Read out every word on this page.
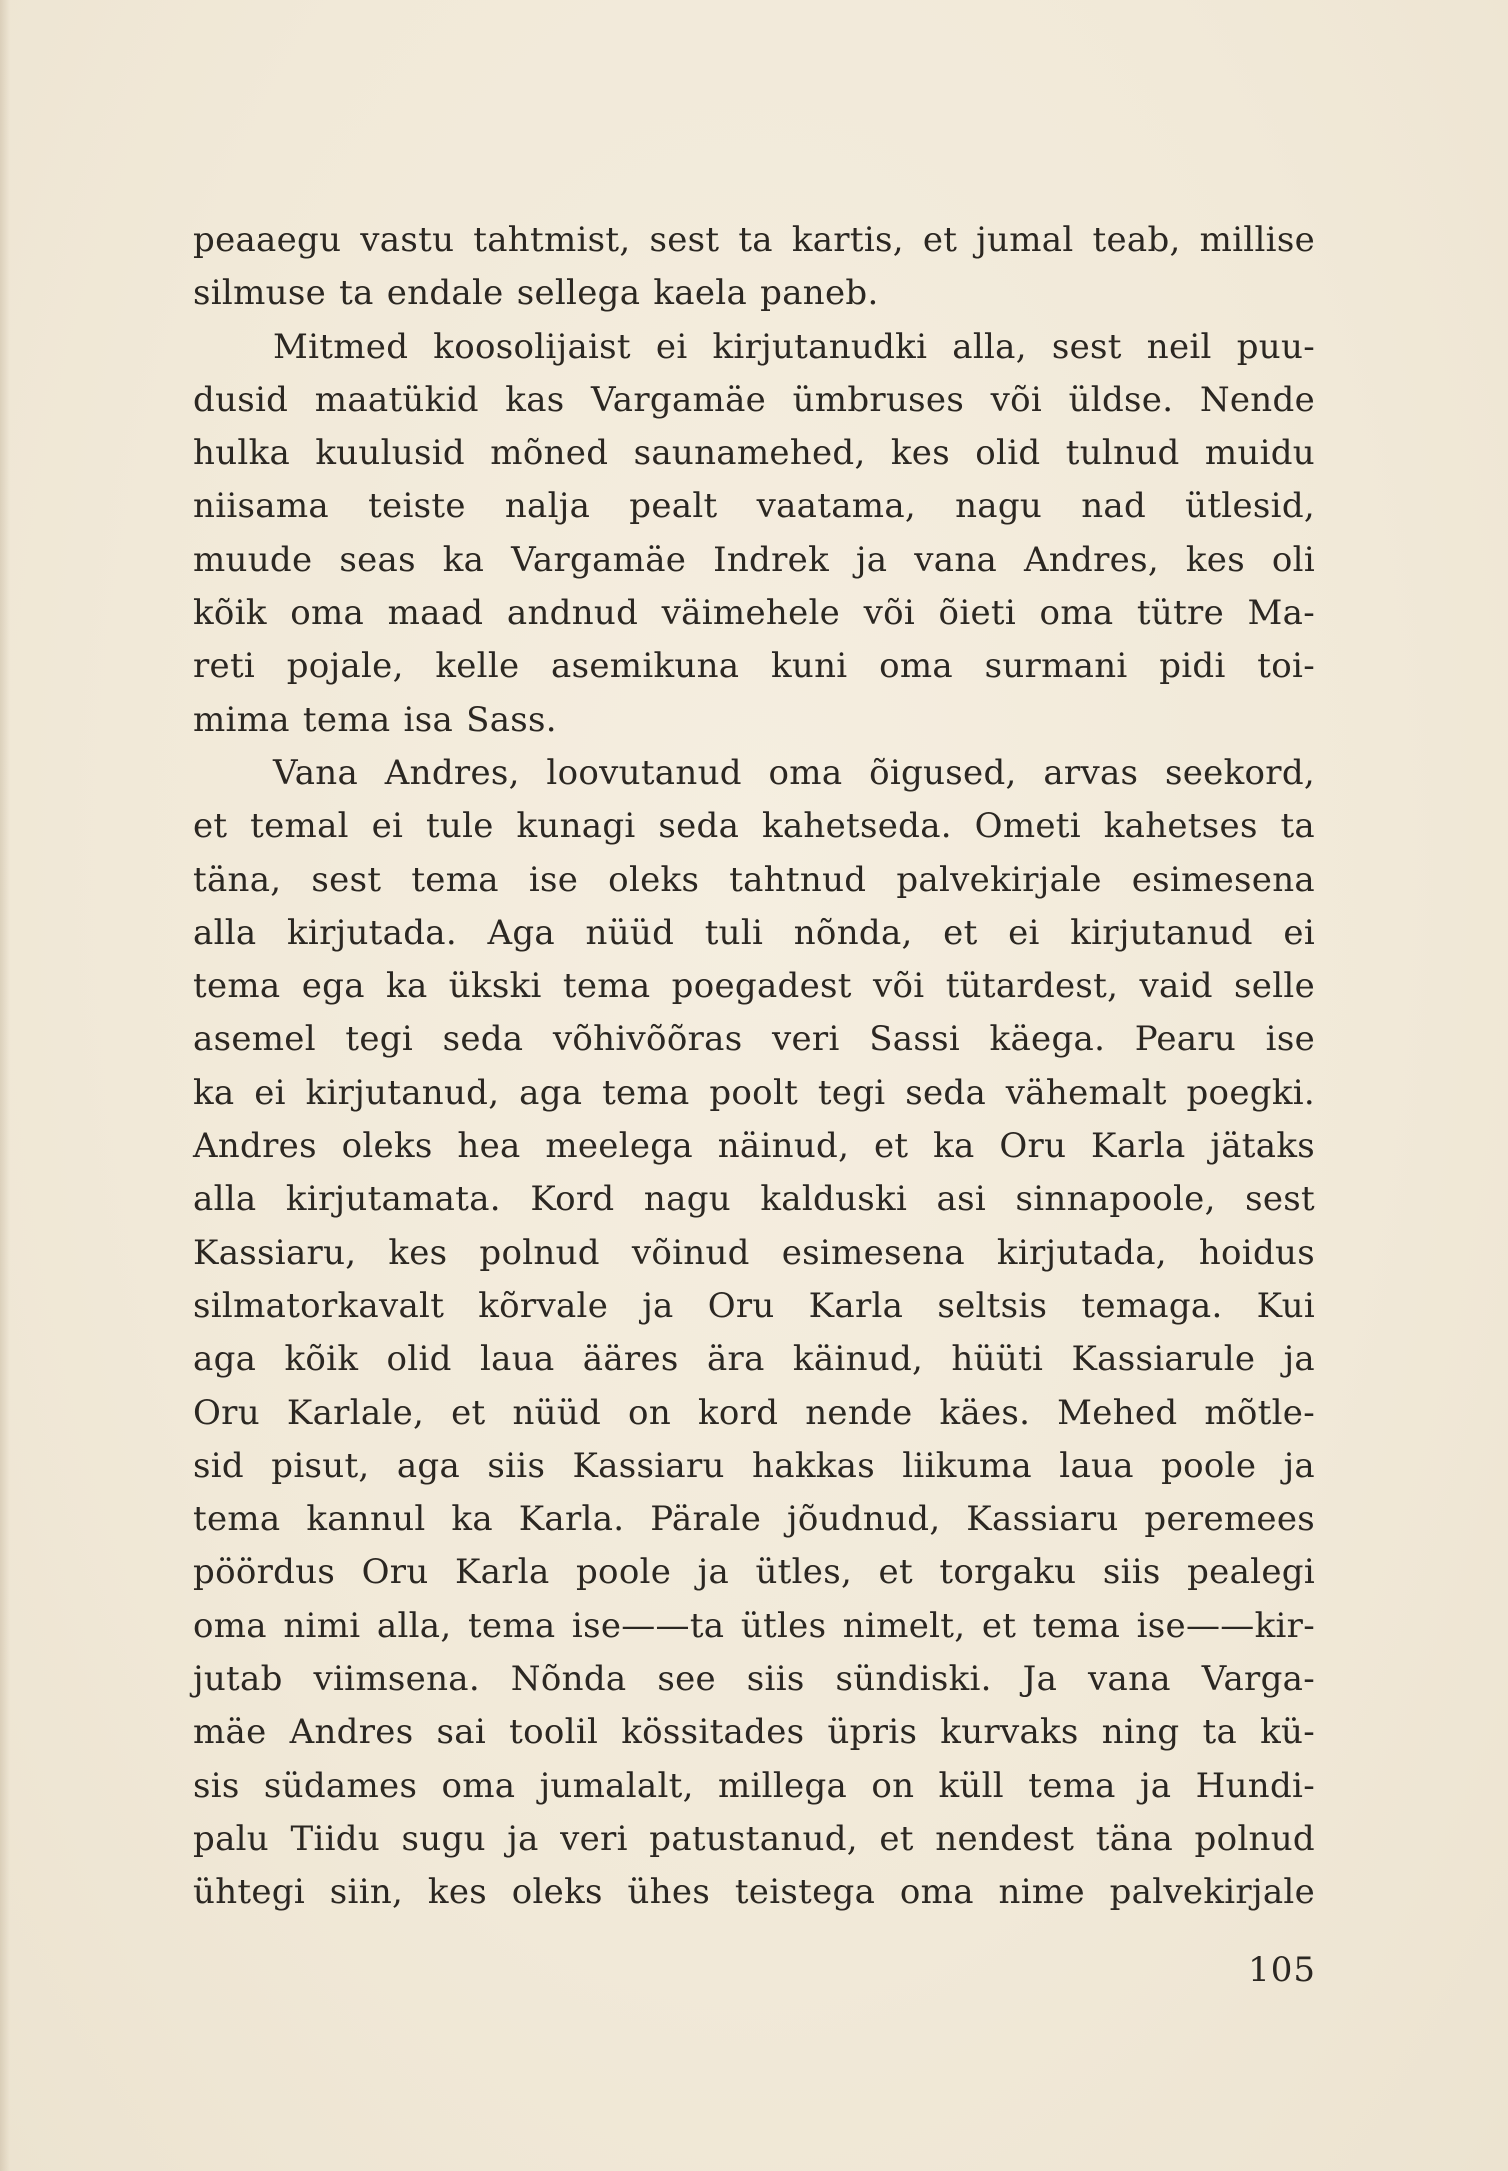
peaaegu vastu tahtmist, sest ta kartis, et jumal teab, millise
silmuse ta endale sellega kaela paneb.
Mitmed koosolijaist ei kirjutanudki alla, sest neil puu-
dusid maatükid kas Vargamäe ümbruses või üldse. Nende
hulka kuulusid mõned saunamehed, kes olid tulnud muidu
niisama teiste nalja pealt vaatama, nagu nad ütlesid,
muude seas ka Vargamäe Indrek ja vana Andres, kes oli
kõik oma maad andnud väimehele või õieti oma tütre Ma-
reti pojale, kelle asemikuna kuni oma surmani pidi toi-
mima tema isa Sass.
Vana Andres, loovutanud oma õigused, arvas seekord,
et temal ei tule kunagi seda kahetseda. Ometi kahetses ta
täna, sest tema ise oleks tahtnud palvekirjale esimesena
alla kirjutada. Aga nüüd tuli nõnda, et ei kirjutanud ei
tema ega ka ükski tema poegadest või tütardest, vaid selle
asemel tegi seda võhivõõras veri Sassi käega. Pearu ise
ka ei kirjutanud, aga tema poolt tegi seda vähemalt poegki.
Andres oleks hea meelega näinud, et ka Oru Karla jätaks
alla kirjutamata. Kord nagu kalduski asi sinnapoole, sest
Kassiaru, kes polnud võinud esimesena kirjutada, hoidus
silmatorkavalt kõrvale ja Oru Karla seltsis temaga. Kui
aga kõik olid laua ääres ära käinud, hüüti Kassiarule ja
Oru Karlale, et nüüd on kord nende käes. Mehed mõtle-
sid pisut, aga siis Kassiaru hakkas liikuma laua poole ja
tema kannul ka Karla. Pärale jõudnud, Kassiaru peremees
pöördus Oru Karla poole ja ütles, et torgaku siis pealegi
oma nimi alla, tema ise——ta ütles nimelt, et tema ise——kir-
jutab viimsena. Nõnda see siis sündiski. Ja vana Varga-
mäe Andres sai toolil kössitades üpris kurvaks ning ta kü-
sis südames oma jumalalt, millega on küll tema ja Hundi-
palu Tiidu sugu ja veri patustanud, et nendest täna polnud
ühtegi siin, kes oleks ühes teistega oma nime palvekirjale
105
